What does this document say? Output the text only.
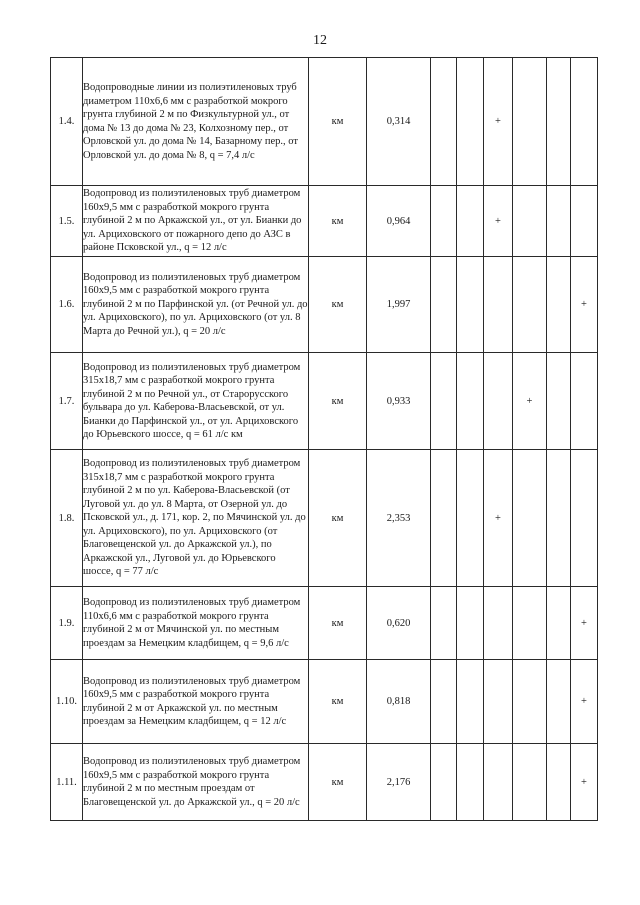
12
1.4.	Водопроводные линии из полиэтиленовых труб диаметром 110х6,6 мм с разработкой мокрого грунта глубиной 2 м по Физкультурной ул., от дома № 13 до дома № 23, Колхозному пер., от Орловской ул. до дома № 14, Базарному пер., от Орловской ул. до дома № 8, q = 7,4 л/с	км	0,314			+			
1.5.	Водопровод из полиэтиленовых труб диаметром 160х9,5 мм с разработкой мокрого грунта глубиной 2 м по Аркажской ул., от ул. Бианки до ул. Арциховского от пожарного депо до АЗС в районе Псковской ул., q = 12 л/с	км	0,964			+			
1.6.	Водопровод из полиэтиленовых труб диаметром 160х9,5 мм с разработкой мокрого грунта глубиной 2 м по Парфинской ул. (от Речной ул. до ул. Арциховского), по ул. Арциховского (от ул. 8 Марта до Речной ул.), q = 20 л/с	км	1,997						+
1.7.	Водопровод из полиэтиленовых труб диаметром 315х18,7 мм с разработкой мокрого грунта глубиной 2 м по Речной ул., от Старорусского бульвара до ул. Каберова-Власьевской, от ул. Бианки до Парфинской ул., от ул. Арциховского до Юрьевского шоссе, q = 61 л/с км	км	0,933				+		
1.8.	Водопровод из полиэтиленовых труб диаметром 315х18,7 мм с разработкой мокрого грунта глубиной 2 м по ул. Каберова-Власьевской (от Луговой ул. до ул. 8 Марта, от Озерной ул. до Псковской ул., д. 171, кор. 2, по Мячинской ул. до ул. Арциховского), по ул. Арциховского (от Благовещенской ул. до Аркажской ул.), по Аркажской ул., Луговой ул. до Юрьевского шоссе, q = 77 л/с	км	2,353			+			
1.9.	Водопровод из полиэтиленовых труб диаметром 110х6,6 мм с разработкой мокрого грунта глубиной 2 м от Мячинской ул. по местным проездам за Немецким кладбищем, q = 9,6 л/с	км	0,620						+
1.10.	Водопровод из полиэтиленовых труб диаметром 160х9,5 мм с разработкой мокрого грунта глубиной 2 м от Аркажской ул. по местным проездам за Немецким кладбищем, q = 12 л/с	км	0,818						+
1.11.	Водопровод из полиэтиленовых труб диаметром 160х9,5 мм с разработкой мокрого грунта глубиной 2 м по местным проездам от Благовещенской ул. до Аркажской ул., q = 20 л/с	км	2,176						+
